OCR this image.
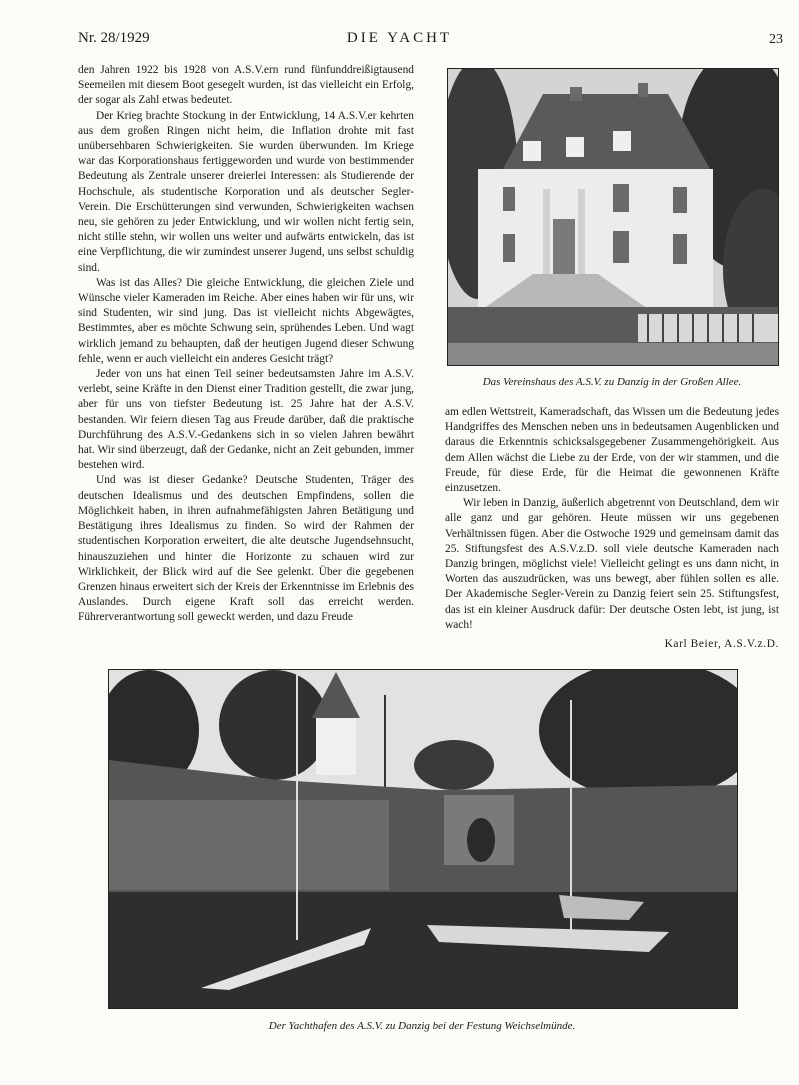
Nr. 28/1929	DIE YACHT	23

den Jahren 1922 bis 1928 von A.S.V.ern rund fünfunddreißigtausend Seemeilen mit diesem Boot gesegelt wurden, ist das vielleicht ein Erfolg, der sogar als Zahl etwas bedeutet.

Der Krieg brachte Stockung in der Entwicklung, 14 A.S.V.er kehrten aus dem großen Ringen nicht heim, die Inflation drohte mit fast unübersehbaren Schwierigkeiten. Sie wurden überwunden. Im Kriege war das Korporationshaus fertiggeworden und wurde von bestimmender Bedeutung als Zentrale unserer dreierlei Interessen: als Studierende der Hochschule, als studentische Korporation und als deutscher Segler-Verein. Die Erschütterungen sind verwunden, Schwierigkeiten wachsen neu, sie gehören zu jeder Entwicklung, und wir wollen nicht fertig sein, nicht stille stehn, wir wollen uns weiter und aufwärts entwickeln, das ist eine Verpflichtung, die wir zumindest unserer Jugend, uns selbst schuldig sind.

Was ist das Alles? Die gleiche Entwicklung, die gleichen Ziele und Wünsche vieler Kameraden im Reiche. Aber eines haben wir für uns, wir sind Studenten, wir sind jung. Das ist vielleicht nichts Abgewägtes, Bestimmtes, aber es möchte Schwung sein, sprühendes Leben. Und wagt wirklich jemand zu behaupten, daß der heutigen Jugend dieser Schwung fehle, wenn er auch vielleicht ein anderes Gesicht trägt?

Jeder von uns hat einen Teil seiner bedeutsamsten Jahre im A.S.V. verlebt, seine Kräfte in den Dienst einer Tradition gestellt, die zwar jung, aber für uns von tiefster Bedeutung ist. 25 Jahre hat der A.S.V. bestanden. Wir feiern diesen Tag aus Freude darüber, daß die praktische Durchführung des A.S.V.-Gedankens sich in so vielen Jahren bewährt hat. Wir sind überzeugt, daß der Gedanke, nicht an Zeit gebunden, immer bestehen wird.

Und was ist dieser Gedanke? Deutsche Studenten, Träger des deutschen Idealismus und des deutschen Empfindens, sollen die Möglichkeit haben, in ihren aufnahmefähigsten Jahren Betätigung und Bestätigung ihres Idealismus zu finden. So wird der Rahmen der studentischen Korporation erweitert, die alte deutsche Jugendsehnsucht, hinauszuziehen und hinter die Horizonte zu schauen wird zur Wirklichkeit, der Blick wird auf die See gelenkt. Über die gegebenen Grenzen hinaus erweitert sich der Kreis der Erkenntnisse im Erlebnis des Auslandes. Durch eigene Kraft soll das erreicht werden. Führerverantwortung soll geweckt werden, und dazu Freude

Das Vereinshaus des A.S.V. zu Danzig in der Großen Allee.

am edlen Wettstreit, Kameradschaft, das Wissen um die Bedeutung jedes Handgriffes des Menschen neben uns in bedeutsamen Augenblicken und daraus die Erkenntnis schicksalsgegebener Zusammengehörigkeit. Aus dem Allen wächst die Liebe zu der Erde, von der wir stammen, und die Freude, für diese Erde, für die Heimat die gewonnenen Kräfte einzusetzen.

Wir leben in Danzig, äußerlich abgetrennt von Deutschland, dem wir alle ganz und gar gehören. Heute müssen wir uns gegebenen Verhältnissen fügen. Aber die Ostwoche 1929 und gemeinsam damit das 25. Stiftungsfest des A.S.V.z.D. soll viele deutsche Kameraden nach Danzig bringen, möglichst viele! Vielleicht gelingt es uns dann nicht, in Worten das auszudrücken, was uns bewegt, aber fühlen sollen es alle. Der Akademische Segler-Verein zu Danzig feiert sein 25. Stiftungsfest, das ist ein kleiner Ausdruck dafür: Der deutsche Osten lebt, ist jung, ist wach!

Karl Beier, A.S.V.z.D.
Der Yachthafen des A.S.V. zu Danzig bei der Festung Weichselmünde.
